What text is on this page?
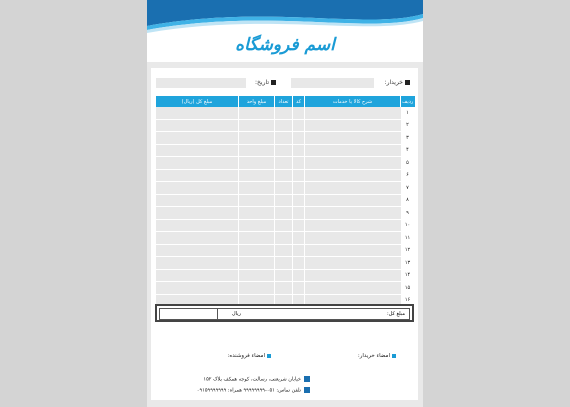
اسم فروشگاه
خریدار:
تاریخ:
ردیف	شرح کالا یا خدمات	کد	تعداد	مبلغ واحد	مبلغ کل (ریال)
۱					
۲					
۳					
۴					
۵					
۶					
۷					
۸					
۹					
۱۰					
۱۱					
۱۲					
۱۳					
۱۴					
۱۵					
۱۶					
مبلغ کل:
ریال
امضاء خریدار:
امضاء فروشنده:
خیابان شریعتی، رسالت، کوچه همکف پلاک ۱۵۲
تلفن تماس: ۰۵۱-۹۹۹۹۹۹۹۹ همراه: ۰۹۱۵۹۹۹۹۹۹۹
